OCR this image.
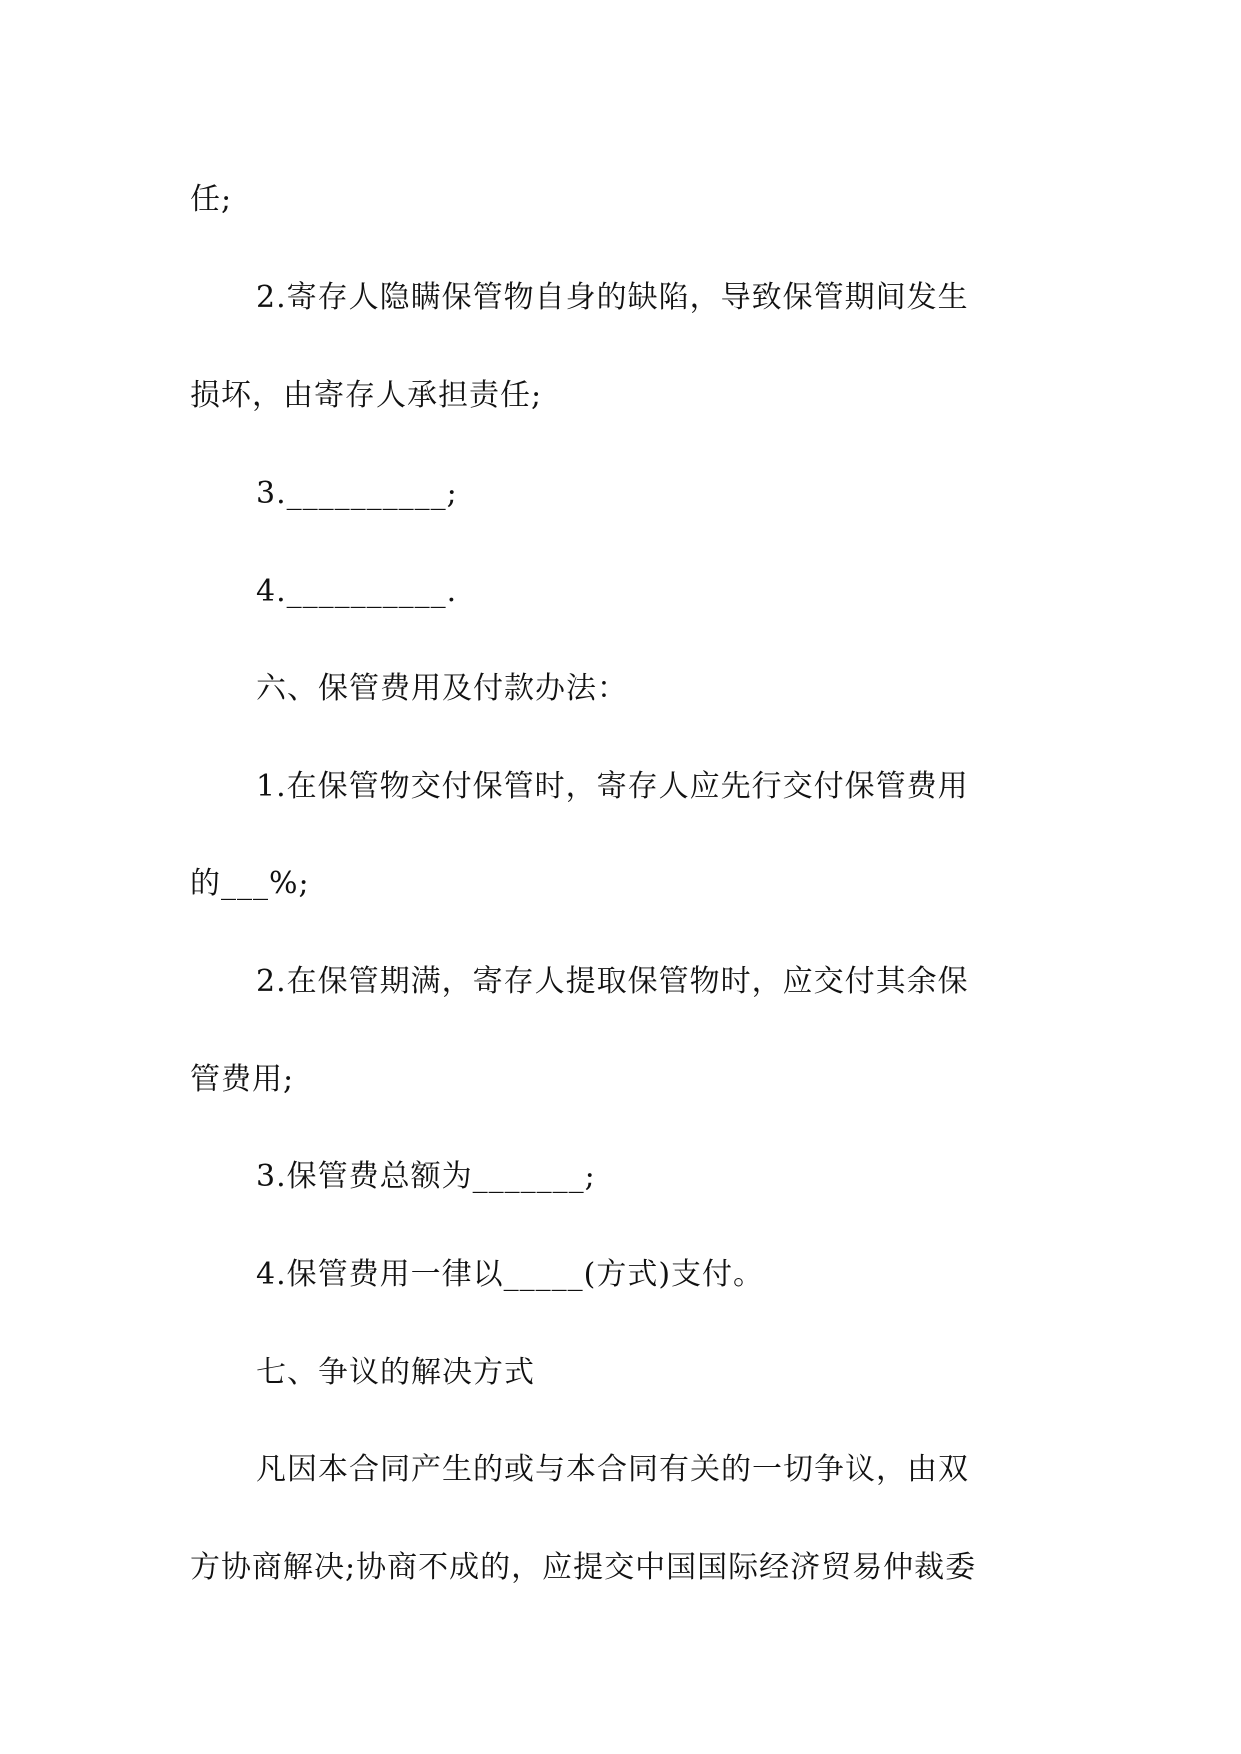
任;
2.寄存人隐瞒保管物自身的缺陷，导致保管期间发生
损坏，由寄存人承担责任;
3.__________;
4.__________.
六、保管费用及付款办法：
1.在保管物交付保管时，寄存人应先行交付保管费用
的___%;
2.在保管期满，寄存人提取保管物时，应交付其余保
管费用;
3.保管费总额为_______;
4.保管费用一律以_____(方式)支付。
七、争议的解决方式
凡因本合同产生的或与本合同有关的一切争议，由双
方协商解决;协商不成的，应提交中国国际经济贸易仲裁委
